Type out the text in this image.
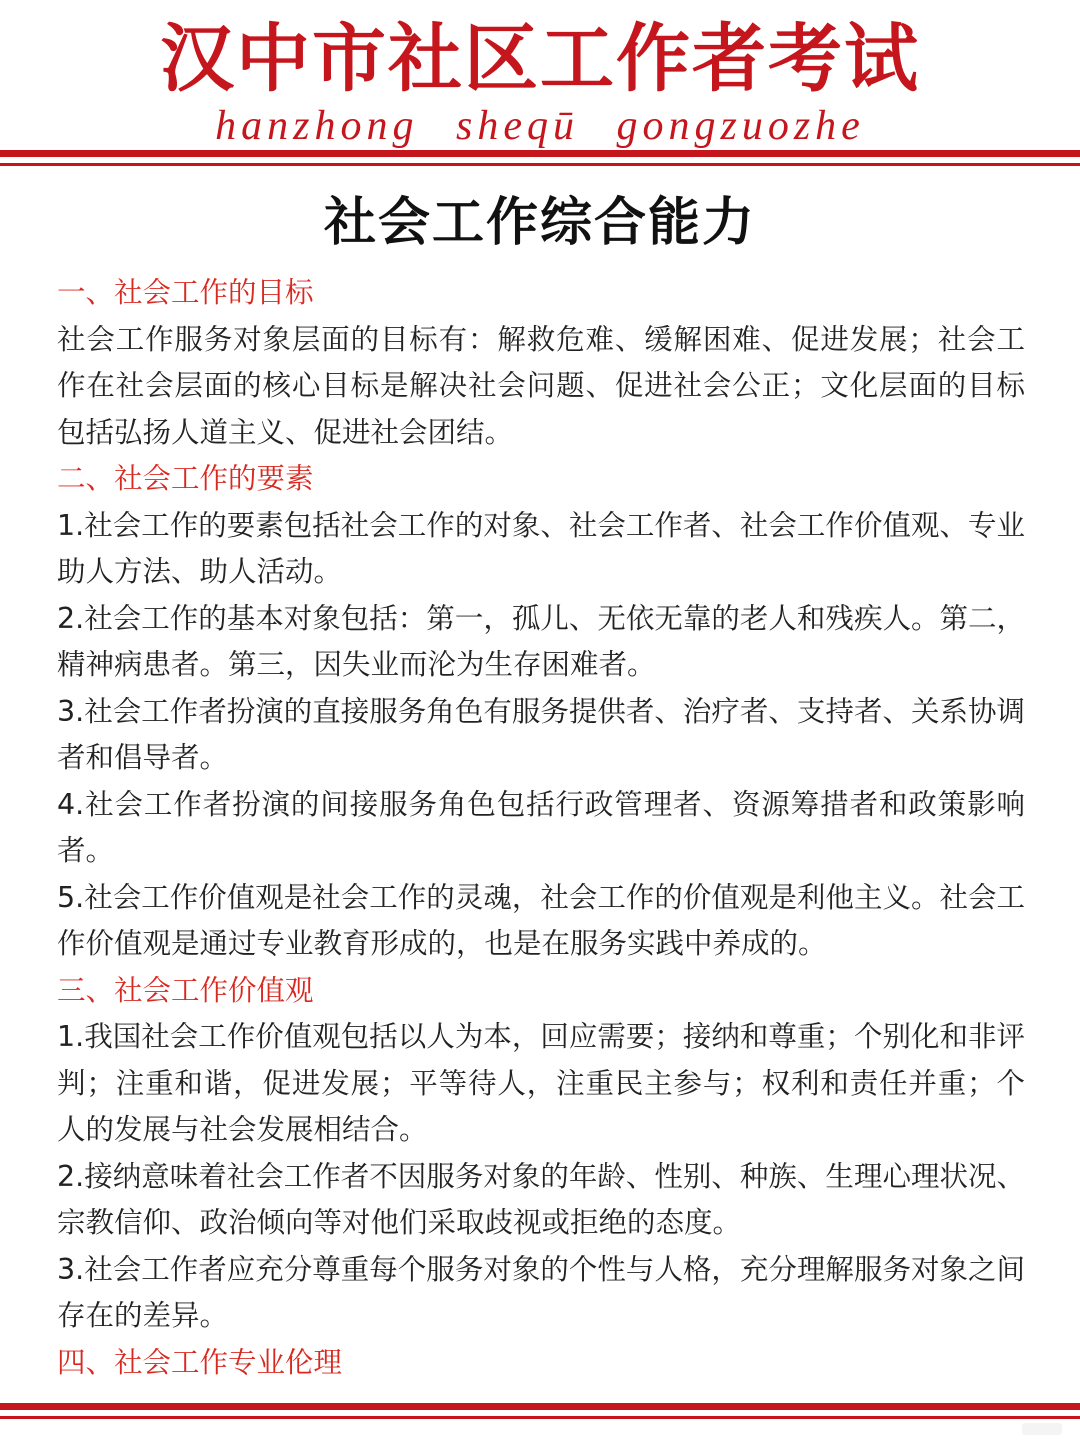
汉中市社区工作者考试
hanzhong sheqū gongzuozhe
社会工作综合能力

一、社会工作的目标

社会工作服务对象层面的目标有：解救危难、缓解困难、促进发展；社会工作在社会层面的核心目标是解决社会问题、促进社会公正；文化层面的目标包括弘扬人道主义、促进社会团结。

二、社会工作的要素

1.社会工作的要素包括社会工作的对象、社会工作者、社会工作价值观、专业助人方法、助人活动。

2.社会工作的基本对象包括：第一，孤儿、无依无靠的老人和残疾人。第二，精神病患者。第三，因失业而沦为生存困难者。

3.社会工作者扮演的直接服务角色有服务提供者、治疗者、支持者、关系协调者和倡导者。

4.社会工作者扮演的间接服务角色包括行政管理者、资源筹措者和政策影响者。

5.社会工作价值观是社会工作的灵魂，社会工作的价值观是利他主义。社会工作价值观是通过专业教育形成的，也是在服务实践中养成的。

三、社会工作价值观

1.我国社会工作价值观包括以人为本，回应需要；接纳和尊重；个别化和非评判；注重和谐，促进发展；平等待人，注重民主参与；权利和责任并重；个人的发展与社会发展相结合。

2.接纳意味着社会工作者不因服务对象的年龄、性别、种族、生理心理状况、宗教信仰、政治倾向等对他们采取歧视或拒绝的态度。

3.社会工作者应充分尊重每个服务对象的个性与人格，充分理解服务对象之间存在的差异。

四、社会工作专业伦理
